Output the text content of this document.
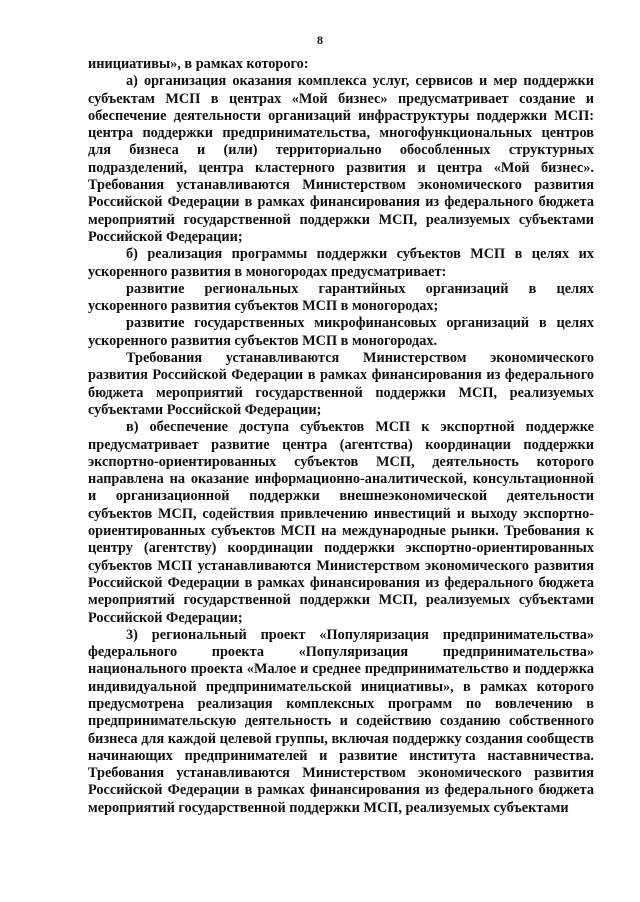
8

инициативы», в рамках которого:

а) организация оказания комплекса услуг, сервисов и мер поддержки субъектам МСП в центрах «Мой бизнес» предусматривает создание и обеспечение деятельности организаций инфраструктуры поддержки МСП: центра поддержки предпринимательства, многофункциональных центров для бизнеса и (или) территориально обособленных структурных подразделений, центра кластерного развития и центра «Мой бизнес». Требования устанавливаются Министерством экономического развития Российской Федерации в рамках финансирования из федерального бюджета мероприятий государственной поддержки МСП, реализуемых субъектами Российской Федерации;

б) реализация программы поддержки субъектов МСП в целях их ускоренного развития в моногородах предусматривает:

развитие региональных гарантийных организаций в целях ускоренного развития субъектов МСП в моногородах;

развитие государственных микрофинансовых организаций в целях ускоренного развития субъектов МСП в моногородах.

Требования устанавливаются Министерством экономического развития Российской Федерации в рамках финансирования из федерального бюджета мероприятий государственной поддержки МСП, реализуемых субъектами Российской Федерации;

в) обеспечение доступа субъектов МСП к экспортной поддержке предусматривает развитие центра (агентства) координации поддержки экспортно-ориентированных субъектов МСП, деятельность которого направлена на оказание информационно-аналитической, консультационной и организационной поддержки внешнеэкономической деятельности субъектов МСП, содействия привлечению инвестиций и выходу экспортно-ориентированных субъектов МСП на международные рынки. Требования к центру (агентству) координации поддержки экспортно-ориентированных субъектов МСП устанавливаются Министерством экономического развития Российской Федерации в рамках финансирования из федерального бюджета мероприятий государственной поддержки МСП, реализуемых субъектами Российской Федерации;

3) региональный проект «Популяризация предпринимательства» федерального проекта «Популяризация предпринимательства» национального проекта «Малое и среднее предпринимательство и поддержка индивидуальной предпринимательской инициативы», в рамках которого предусмотрена реализация комплексных программ по вовлечению в предпринимательскую деятельность и содействию созданию собственного бизнеса для каждой целевой группы, включая поддержку создания сообществ начинающих предпринимателей и развитие института наставничества. Требования устанавливаются Министерством экономического развития Российской Федерации в рамках финансирования из федерального бюджета мероприятий государственной поддержки МСП, реализуемых субъектами
